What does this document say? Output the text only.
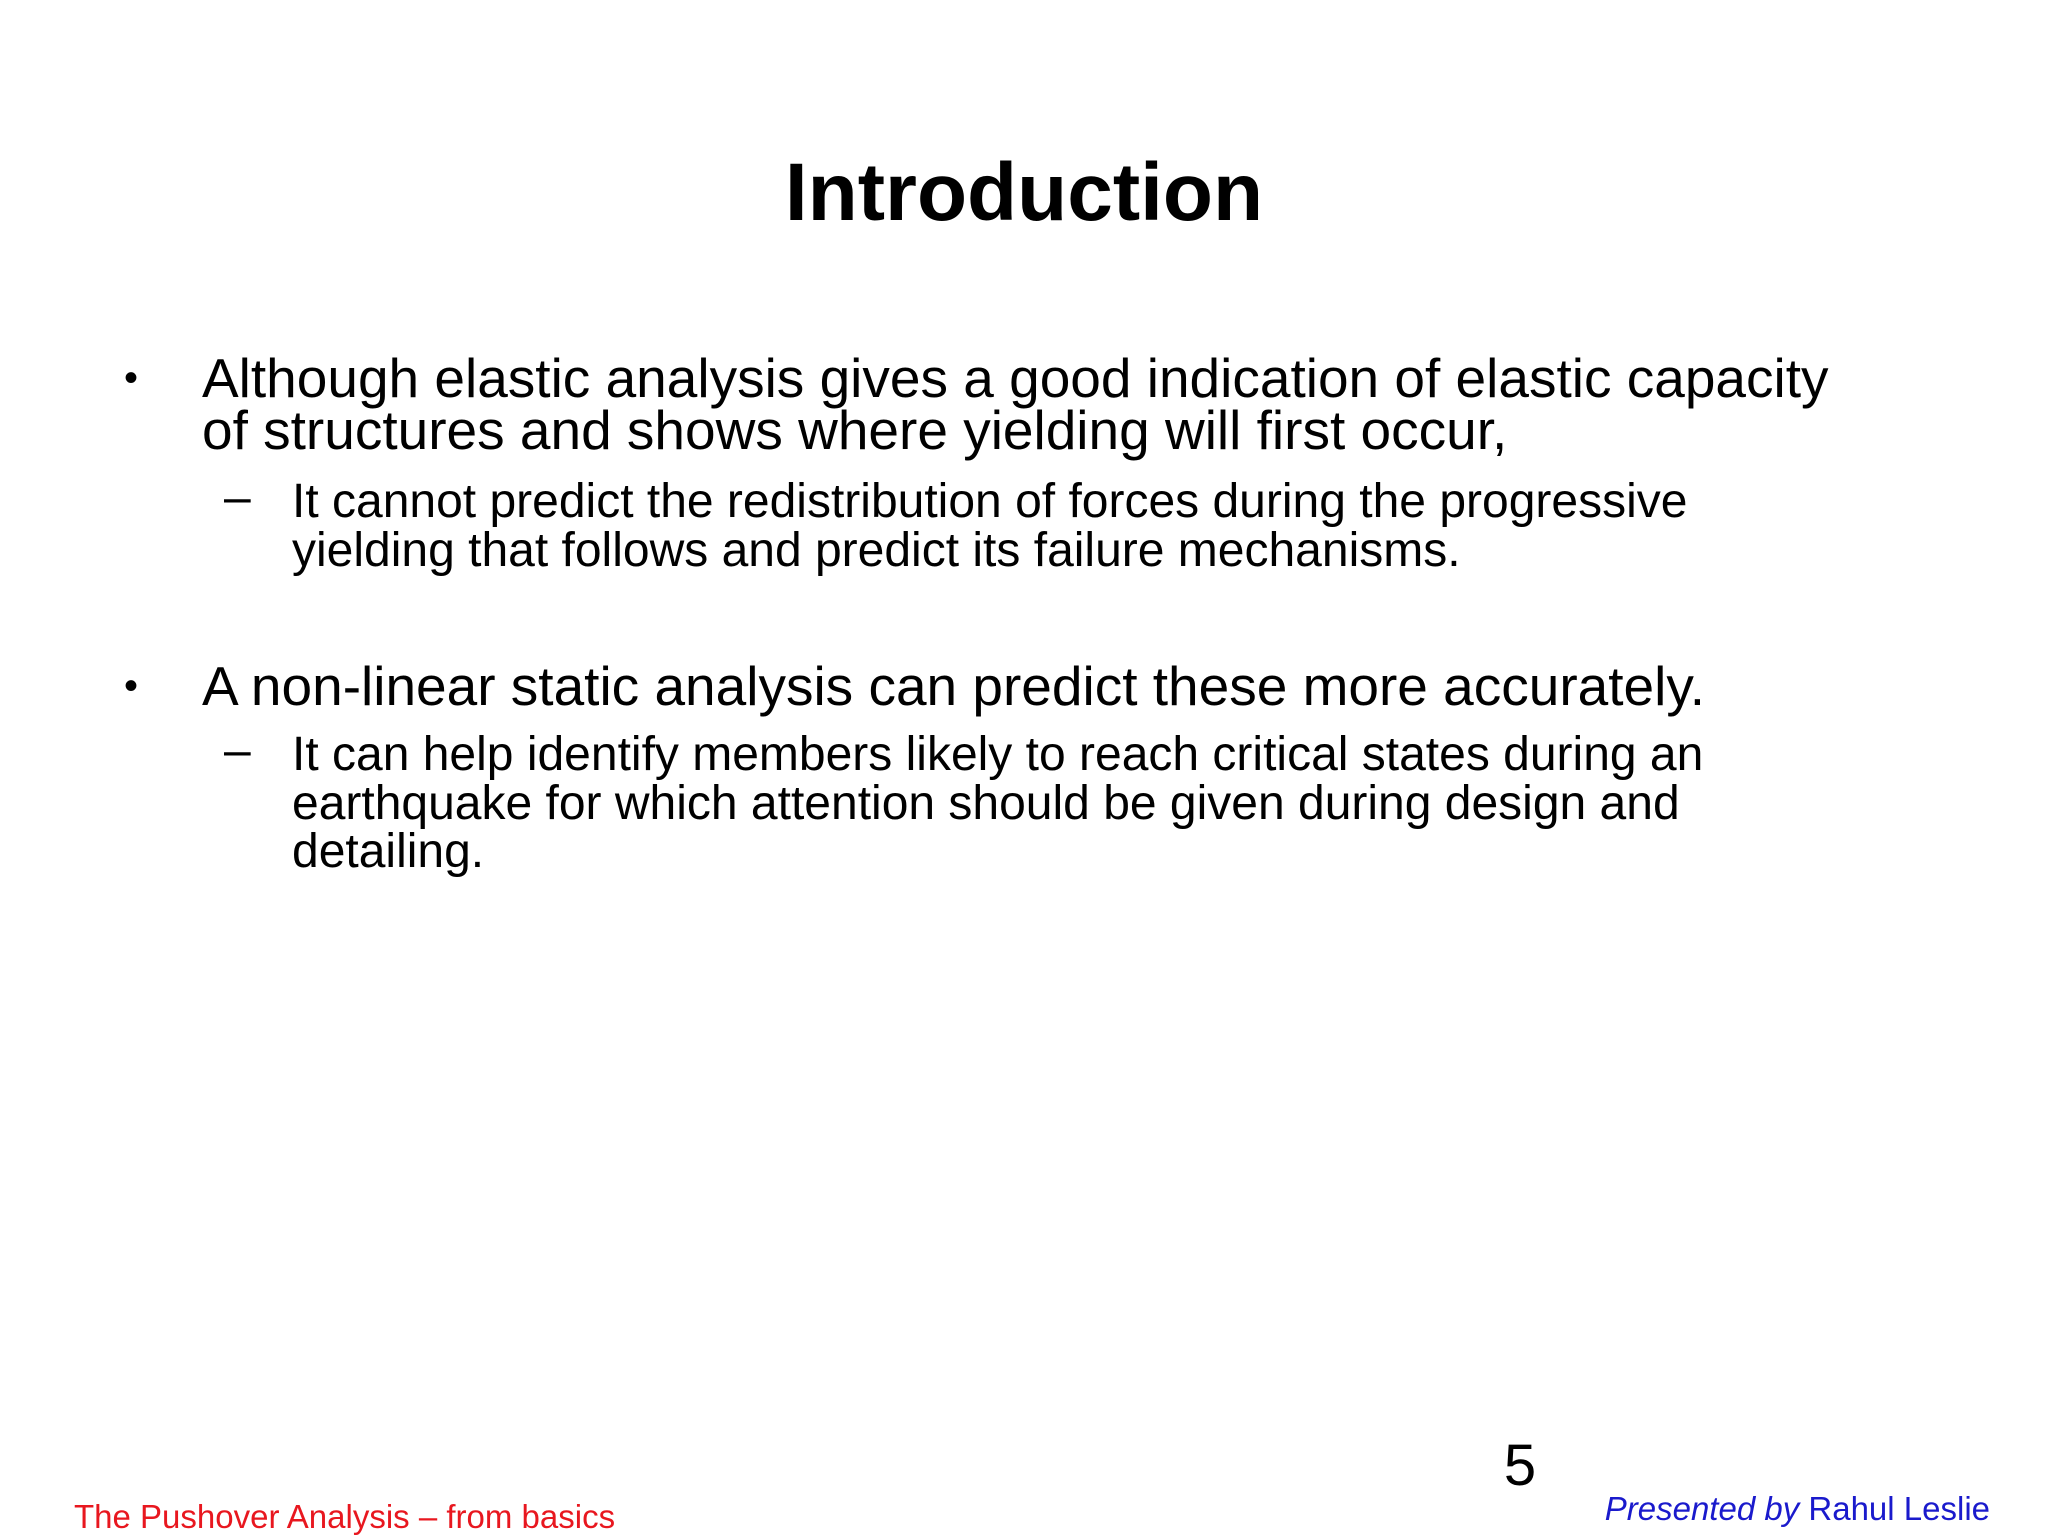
Introduction
• Although elastic analysis gives a good indication of elastic capacity
of structures and shows where yielding will first occur,
– It cannot predict the redistribution of forces during the progressive
yielding that follows and predict its failure mechanisms.
• A non-linear static analysis can predict these more accurately.
– It can help identify members likely to reach critical states during an
earthquake for which attention should be given during design and
detailing.
5
The Pushover Analysis – from basics	Presented by Rahul Leslie
